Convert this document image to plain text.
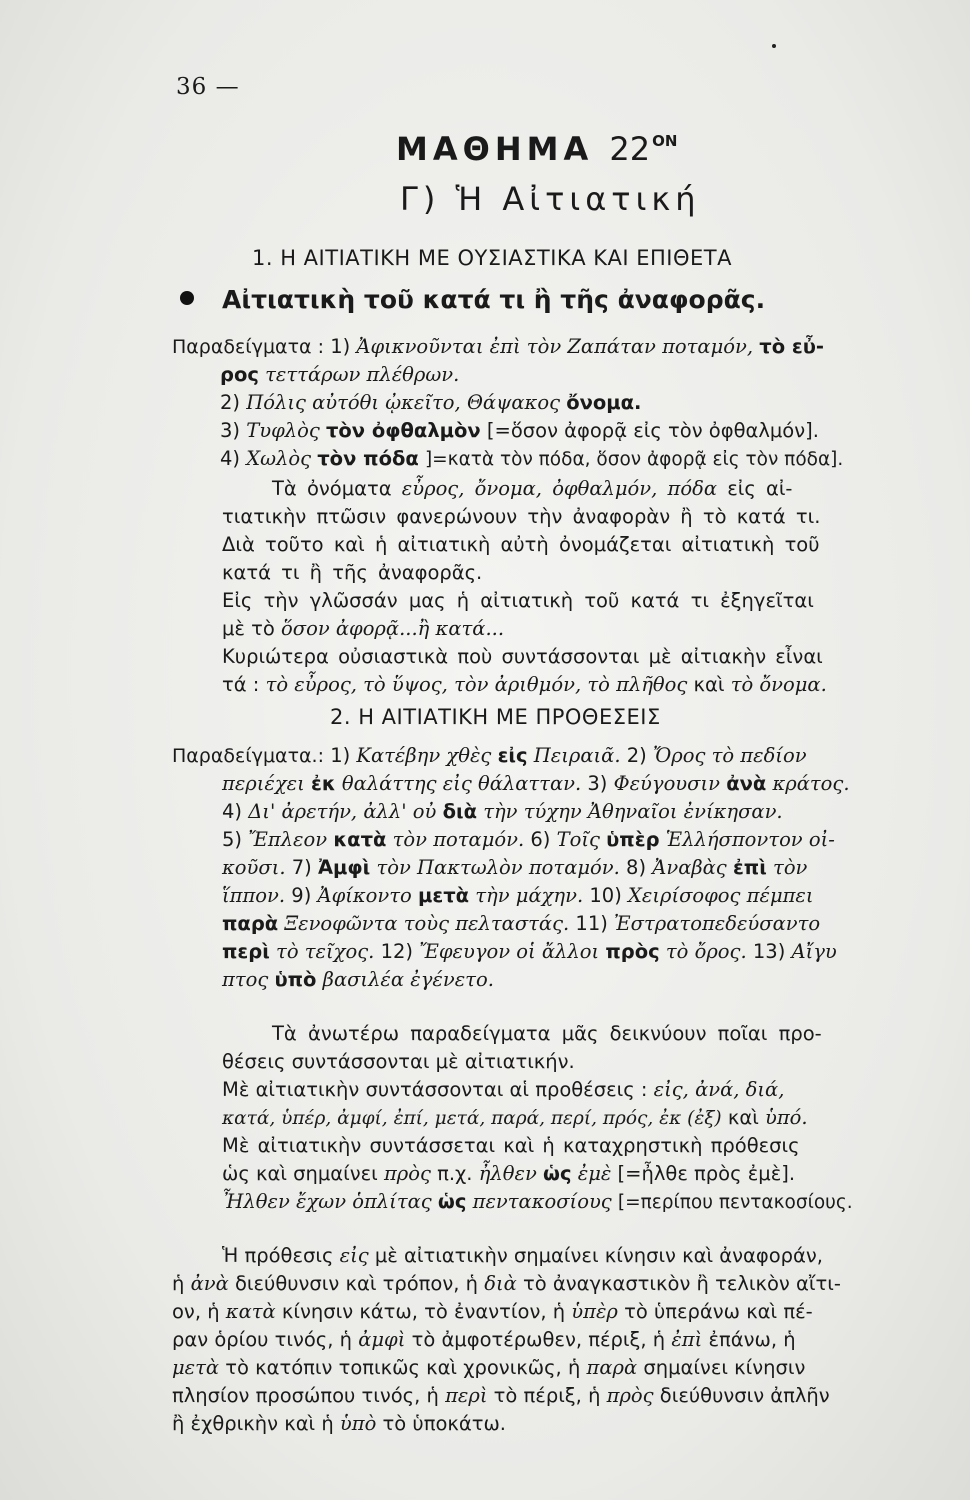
36 —
ΜΑΘΗΜΑ 22 $^{ON}$
Γ) Ἡ Αἰτιατική
1. Η ΑΙΤΙΑΤΙΚΗ ΜΕ ΟΥΣΙΑΣΤΙΚΑ ΚΑΙ ΕΠΙΘΕΤΑ
Αἰτιατικὴ τοῦ κατά τι ἢ τῆς ἀναφορᾶς.
Παραδείγματα : 1) Ἀφικνοῦνται ἐπὶ τὸν Ζαπάταν ποταμόν, τὸ εὖ-
ρος τεττάρων πλέθρων.
2) Πόλις αὐτόθι ᾠκεῖτο, Θάψακος ὄνομα.
3) Τυφλὸς τὸν ὀφθαλμὸν [=ὅσον ἀφορᾷ εἰς τὸν ὀφθαλμόν].
4) Χωλὸς τὸν πόδα ]=κατὰ τὸν πόδα, ὅσον ἀφορᾷ εἰς τὸν πόδα].
Τὰ ὀνόματα εὖρος, ὄνομα, ὀφθαλμόν, πόδα εἰς αἰ-
τιατικὴν πτῶσιν φανερώνουν τὴν ἀναφορὰν ἢ τὸ κατά τι.
Διὰ τοῦτο καὶ ἡ αἰτιατικὴ αὐτὴ ὀνομάζεται αἰτιατικὴ τοῦ
κατά τι ἢ τῆς ἀναφορᾶς.
Εἰς τὴν γλῶσσάν μας ἡ αἰτιατικὴ τοῦ κατά τι ἐξηγεῖται
μὲ τὸ ὅσον ἀφορᾷ...ἢ κατά...
Κυριώτερα οὐσιαστικὰ ποὺ συντάσσονται μὲ αἰτιακὴν εἶναι
τά : τὸ εὖρος, τὸ ὕψος, τὸν ἀριθμόν, τὸ πλῆθος καὶ τὸ ὄνομα.
2. Η ΑΙΤΙΑΤΙΚΗ ΜΕ ΠΡΟΘΕΣΕΙΣ
Παραδείγματα.: 1) Κατέβην χθὲς εἰς Πειραιᾶ. 2) Ὄρος τὸ πεδίον
περιέχει ἐκ θαλάττης εἰς θάλατταν. 3) Φεύγουσιν ἀνὰ κράτος.
4) Δι' ἀρετήν, ἀλλ' οὐ διὰ τὴν τύχην Ἀθηναῖοι ἐνίκησαν.
5) Ἔπλεον κατὰ τὸν ποταμόν. 6) Τοῖς ὑπὲρ Ἑλλήσποντον οἰ-
κοῦσι. 7) Ἀμφὶ τὸν Πακτωλὸν ποταμόν. 8) Ἀναβὰς ἐπὶ τὸν
ἵππον. 9) Ἀφίκοντο μετὰ τὴν μάχην. 10) Χειρίσοφος πέμπει
παρὰ Ξενοφῶντα τοὺς πελταστάς. 11) Ἐστρατοπεδεύσαντο
περὶ τὸ τεῖχος. 12) Ἔφευγον οἱ ἄλλοι πρὸς τὸ ὄρος. 13) Αἴγυ
πτος ὑπὸ βασιλέα ἐγένετο.
Τὰ ἀνωτέρω παραδείγματα μᾶς δεικνύουν ποῖαι προ-
θέσεις συντάσσονται μὲ αἰτιατικήν.
Μὲ αἰτιατικὴν συντάσσονται αἱ προθέσεις : εἰς, ἀνά, διά,
κατά, ὑπέρ, ἀμφί, ἐπί, μετά, παρά, περί, πρός, ἐκ (ἐξ) καὶ ὑπό.
Μὲ αἰτιατικὴν συντάσσεται καὶ ἡ καταχρηστικὴ πρόθεσις
ὡς καὶ σημαίνει πρὸς π.χ. ἦλθεν ὡς ἐμὲ [=ἦλθε πρὸς ἐμὲ].
Ἦλθεν ἔχων ὁπλίτας ὡς πεντακοσίους [=περίπου πεντακοσίους.
Ἡ πρόθεσις εἰς μὲ αἰτιατικὴν σημαίνει κίνησιν καὶ ἀναφοράν,
ἡ ἀνὰ διεύθυνσιν καὶ τρόπον, ἡ διὰ τὸ ἀναγκαστικὸν ἢ τελικὸν αἴτι-
ον, ἡ κατὰ κίνησιν κάτω, τὸ ἐναντίον, ἡ ὑπὲρ τὸ ὑπεράνω καὶ πέ-
ραν ὁρίου τινός, ἡ ἀμφὶ τὸ ἀμφοτέρωθεν, πέριξ, ἡ ἐπὶ ἐπάνω, ἡ
μετὰ τὸ κατόπιν τοπικῶς καὶ χρονικῶς, ἡ παρὰ σημαίνει κίνησιν
πλησίον προσώπου τινός, ἡ περὶ τὸ πέριξ, ἡ πρὸς διεύθυνσιν ἀπλῆν
ἢ ἐχθρικὴν καὶ ἡ ὑπὸ τὸ ὑποκάτω.
